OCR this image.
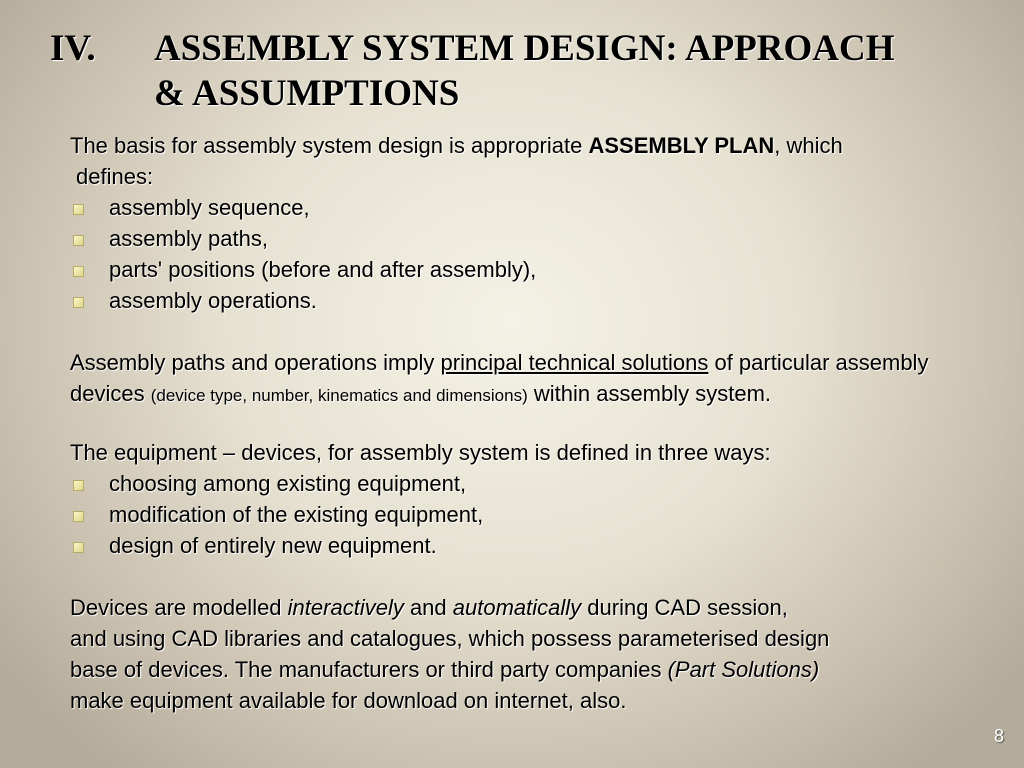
IV. ASSEMBLY SYSTEM DESIGN: APPROACH
& ASSUMPTIONS

The basis for assembly system design is appropriate ASSEMBLY PLAN, which
defines:

assembly sequence,
assembly paths,
parts' positions (before and after assembly),
assembly operations.

Assembly paths and operations imply principal technical solutions of particular assembly devices (device type, number, kinematics and dimensions) within assembly system.

The equipment – devices, for assembly system is defined in three ways:

choosing among existing equipment,
modification of the existing equipment,
design of entirely new equipment.

Devices are modelled interactively and automatically during CAD session,
and using CAD libraries and catalogues, which possess parameterised design
base of devices. The manufacturers or third party companies (Part Solutions)
make equipment available for download on internet, also.

8
